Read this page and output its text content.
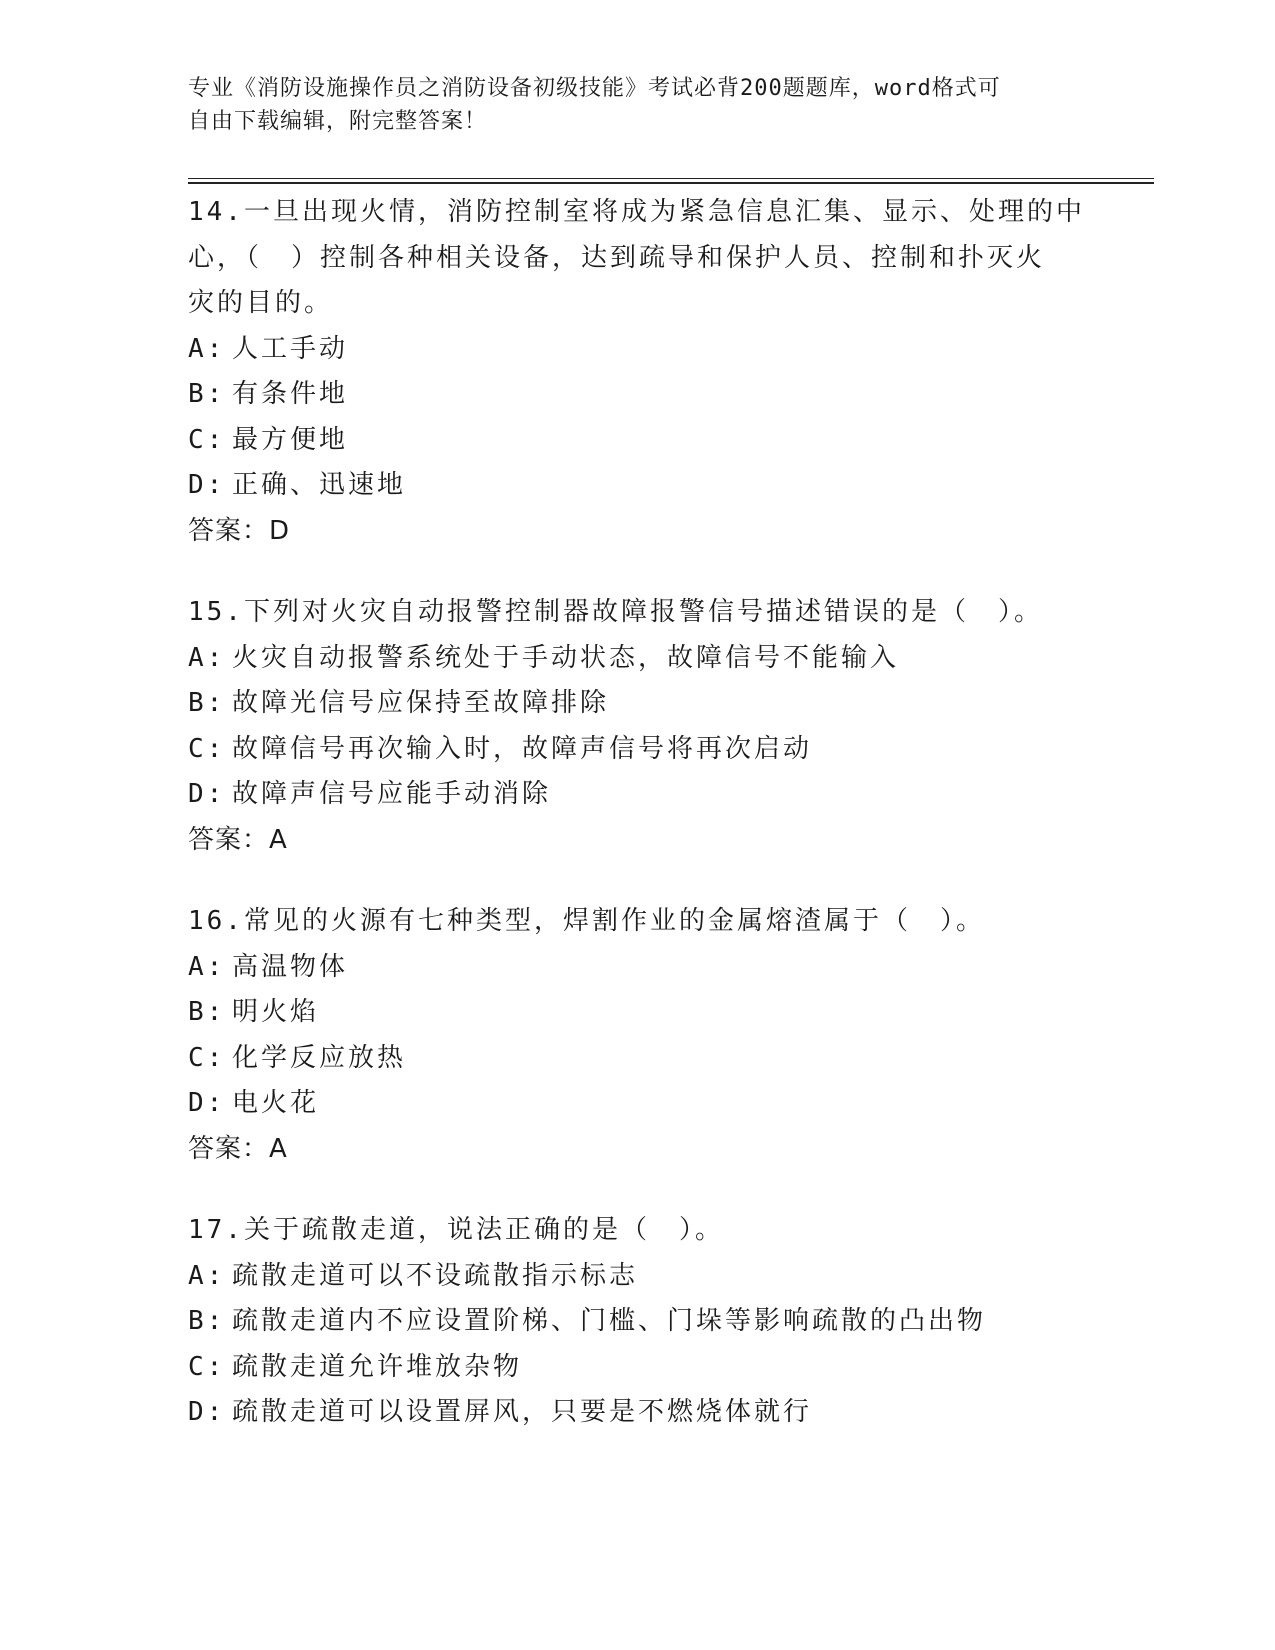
专业《消防设施操作员之消防设备初级技能》考试必背200题题库，word格式可
自由下载编辑，附完整答案！

14.一旦出现火情，消防控制室将成为紧急信息汇集、显示、处理的中

心，（　）控制各种相关设备，达到疏导和保护人员、控制和扑灭火

灾的目的。

A: 人工手动

B: 有条件地

C: 最方便地

D: 正确、迅速地

答案：D

15.下列对火灾自动报警控制器故障报警信号描述错误的是（　）。

A: 火灾自动报警系统处于手动状态，故障信号不能输入

B: 故障光信号应保持至故障排除

C: 故障信号再次输入时，故障声信号将再次启动

D: 故障声信号应能手动消除

答案：A

16.常见的火源有七种类型，焊割作业的金属熔渣属于（　）。

A: 高温物体

B: 明火焰

C: 化学反应放热

D: 电火花

答案：A

17.关于疏散走道，说法正确的是（　）。

A: 疏散走道可以不设疏散指示标志

B: 疏散走道内不应设置阶梯、门槛、门垛等影响疏散的凸出物

C: 疏散走道允许堆放杂物

D: 疏散走道可以设置屏风，只要是不燃烧体就行
